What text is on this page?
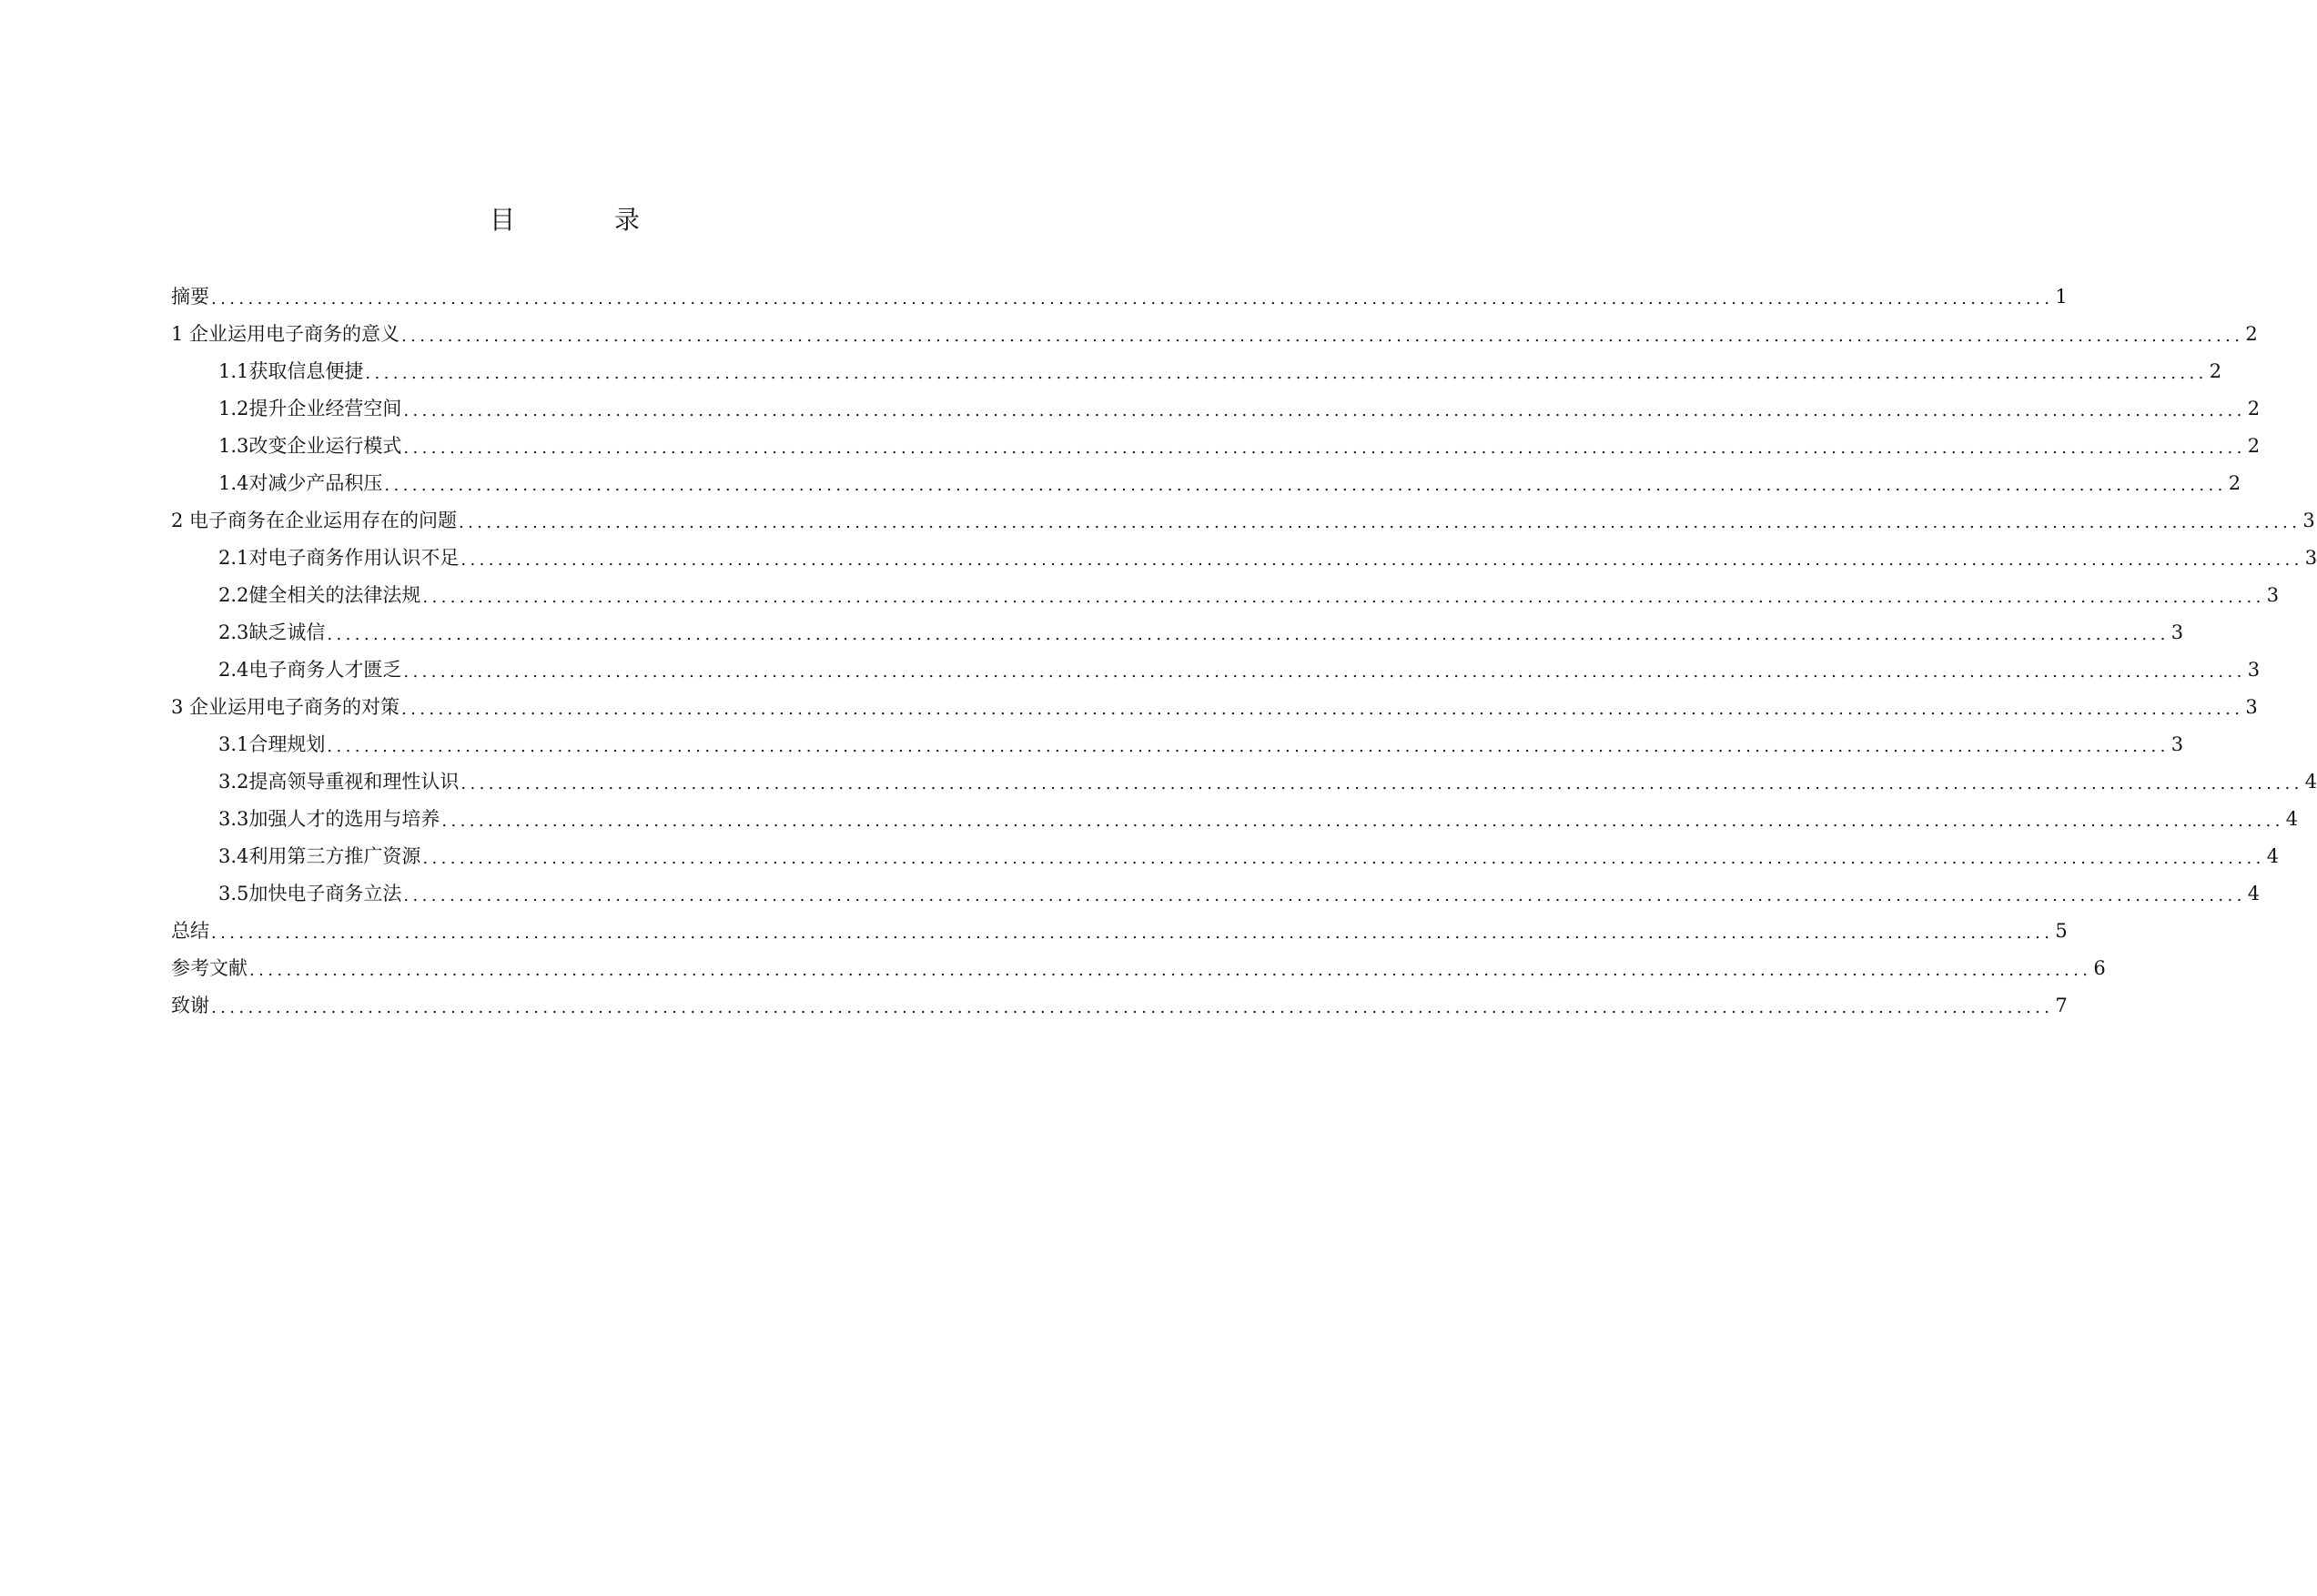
目 录
摘要 ........................................................................................................................................................................................................ 1
1 企业运用电子商务的意义 ........................................................................................................................................................................................................ 2
1.1获取信息便捷 ........................................................................................................................................................................................................ 2
1.2提升企业经营空间 ........................................................................................................................................................................................................ 2
1.3改变企业运行模式 ........................................................................................................................................................................................................ 2
1.4对减少产品积压 ........................................................................................................................................................................................................ 2
2 电子商务在企业运用存在的问题 ........................................................................................................................................................................................................ 3
2.1对电子商务作用认识不足 ........................................................................................................................................................................................................ 3
2.2健全相关的法律法规 ........................................................................................................................................................................................................ 3
2.3缺乏诚信 ........................................................................................................................................................................................................ 3
2.4电子商务人才匮乏 ........................................................................................................................................................................................................ 3
3 企业运用电子商务的对策 ........................................................................................................................................................................................................ 3
3.1合理规划 ........................................................................................................................................................................................................ 3
3.2提高领导重视和理性认识 ........................................................................................................................................................................................................ 4
3.3加强人才的选用与培养 ........................................................................................................................................................................................................ 4
3.4利用第三方推广资源 ........................................................................................................................................................................................................ 4
3.5加快电子商务立法 ........................................................................................................................................................................................................ 4
总结 ........................................................................................................................................................................................................ 5
参考文献 ........................................................................................................................................................................................................ 6
致谢 ........................................................................................................................................................................................................ 7
